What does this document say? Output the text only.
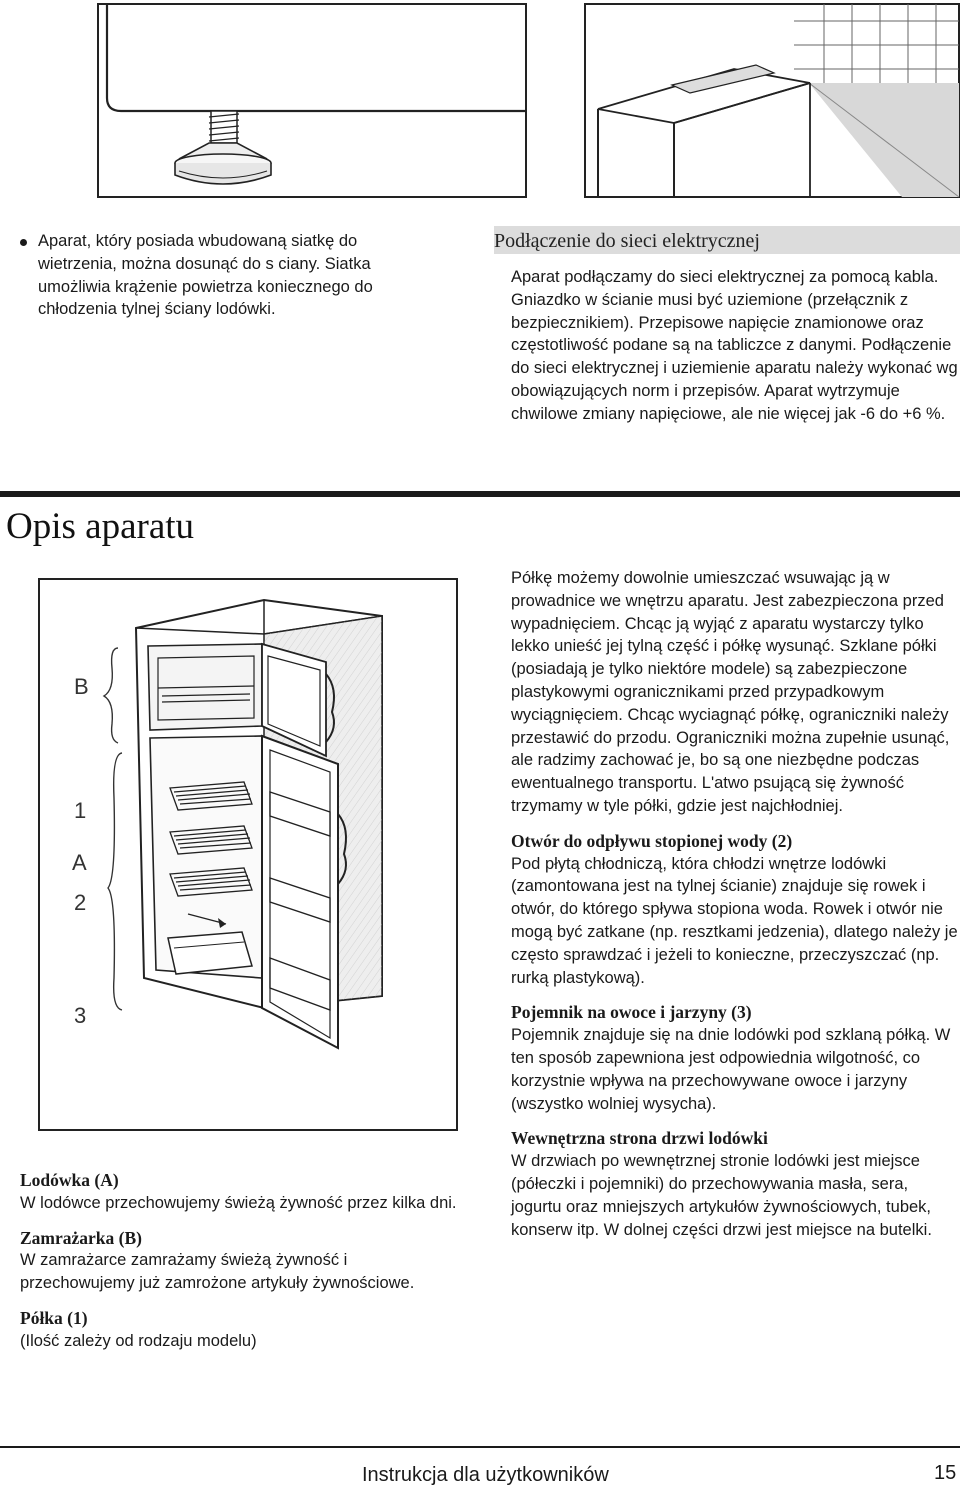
Aparat, który posiada wbudowaną siatkę do wietrzenia, można dosunąć do s ciany. Siatka umożliwia krążenie powietrza koniecznego do chłodzenia tylnej ściany lodówki.

Podłączenie do sieci elektrycznej

Aparat podłączamy do sieci elektrycznej za pomocą kabla. Gniazdko w ścianie musi być uziemione (przełącznik z bezpiecznikiem). Przepisowe napięcie znamionowe oraz częstotliwość podane są na tabliczce z danymi. Podłączenie do sieci elektrycznej i uziemienie aparatu należy wykonać wg obowiązujących norm i przepisów. Aparat wytrzymuje chwilowe zmiany napięciowe, ale nie więcej jak -6 do +6 %.

Opis aparatu
B
1
A
2
3
Lodówka (A)

W lodówce przechowujemy świeżą żywność przez kilka dni.

Zamrażarka (B)

W zamrażarce zamrażamy świeżą żywność i przechowujemy już zamrożone artykuły żywnościowe.

Półka (1)

(Ilość zależy od rodzaju modelu)

Półkę możemy dowolnie umieszczać wsuwając ją w prowadnice we wnętrzu aparatu. Jest zabezpieczona przed wypadnięciem. Chcąc ją wyjąć z aparatu wystarczy tylko lekko unieść jej tylną część i półkę wysunąć. Szklane półki (posiadają je tylko niektóre modele) są zabezpieczone plastykowymi ogranicznikami przed przypadkowym wyciągnięciem. Chcąc wyciagnąć półkę, ograniczniki należy przestawić do przodu. Ograniczniki można zupełnie usunąć, ale radzimy zachować je, bo są one niezbędne podczas ewentualnego transportu. L'atwo psującą się żywność trzymamy w tyle półki, gdzie jest najchłodniej.

Otwór do odpływu stopionej wody (2)

Pod płytą chłodniczą, która chłodzi wnętrze lodówki (zamontowana jest na tylnej ścianie) znajduje się rowek i otwór, do którego spływa stopiona woda. Rowek i otwór nie mogą być zatkane (np. resztkami jedzenia), dlatego należy je często sprawdzać i jeżeli to konieczne, przeczyszczać (np. rurką plastykową).

Pojemnik na owoce i jarzyny (3)

Pojemnik znajduje się na dnie lodówki pod szklaną półką. W ten sposób zapewniona jest odpowiednia wilgotność, co korzystnie wpływa na przechowywane owoce i jarzyny (wszystko wolniej wysycha).

Wewnętrzna strona drzwi lodówki

W drzwiach po wewnętrznej stronie lodówki jest miejsce (półeczki i pojemniki) do przechowywania masła, sera, jogurtu oraz mniejszych artykułów żywnościowych, tubek, konserw itp. W dolnej części drzwi jest miejsce na butelki.

Instrukcja dla użytkowników	15
